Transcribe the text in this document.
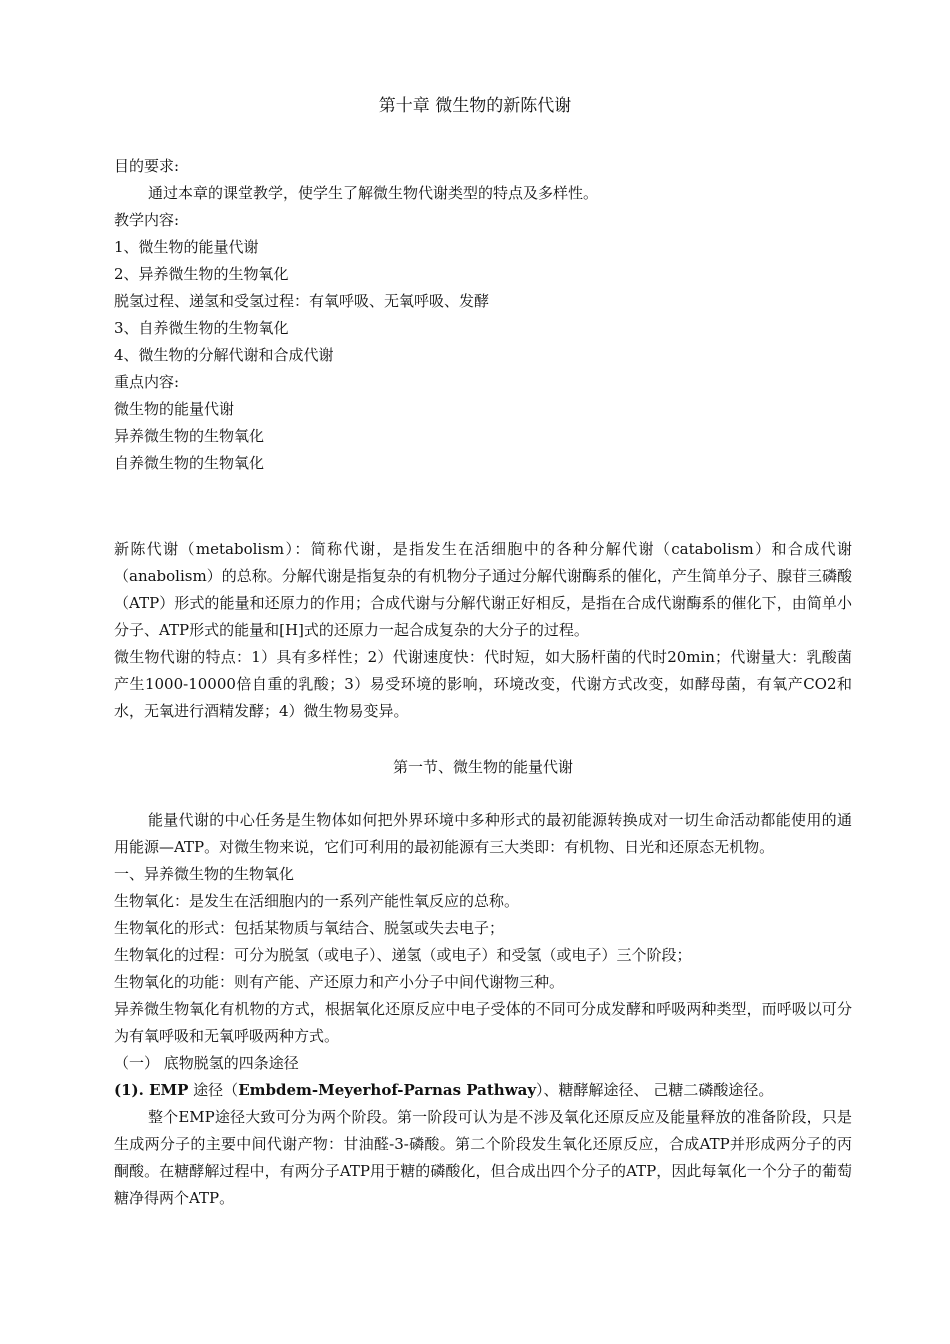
第十章 微生物的新陈代谢

目的要求:

通过本章的课堂教学，使学生了解微生物代谢类型的特点及多样性。

教学内容:

1、微生物的能量代谢

2、异养微生物的生物氧化

脱氢过程、递氢和受氢过程：有氧呼吸、无氧呼吸、发酵

3、自养微生物的生物氧化

4、微生物的分解代谢和合成代谢

重点内容:

微生物的能量代谢

异养微生物的生物氧化

自养微生物的生物氧化

新陈代谢（metabolism）：简称代谢，是指发生在活细胞中的各种分解代谢（catabolism）和合成代谢（anabolism）的总称。分解代谢是指复杂的有机物分子通过分解代谢酶系的催化，产生简单分子、腺苷三磷酸（ATP）形式的能量和还原力的作用；合成代谢与分解代谢正好相反，是指在合成代谢酶系的催化下，由简单小分子、ATP形式的能量和[H]式的还原力一起合成复杂的大分子的过程。

微生物代谢的特点：1）具有多样性；2）代谢速度快：代时短，如大肠杆菌的代时20min；代谢量大：乳酸菌产生1000-10000倍自重的乳酸；3）易受环境的影响，环境改变，代谢方式改变，如酵母菌，有氧产CO2和水，无氧进行酒精发酵；4）微生物易变异。

第一节、微生物的能量代谢

能量代谢的中心任务是生物体如何把外界环境中多种形式的最初能源转换成对一切生命活动都能使用的通用能源—ATP。对微生物来说，它们可利用的最初能源有三大类即：有机物、日光和还原态无机物。

一、异养微生物的生物氧化

生物氧化：是发生在活细胞内的一系列产能性氧反应的总称。

生物氧化的形式：包括某物质与氧结合、脱氢或失去电子；

生物氧化的过程：可分为脱氢（或电子）、递氢（或电子）和受氢（或电子）三个阶段；

生物氧化的功能：则有产能、产还原力和产小分子中间代谢物三种。

异养微生物氧化有机物的方式，根据氧化还原反应中电子受体的不同可分成发酵和呼吸两种类型，而呼吸以可分为有氧呼吸和无氧呼吸两种方式。

（一） 底物脱氢的四条途径

(1). EMP 途径（Embdem-Meyerhof-Parnas Pathway）、糖酵解途径、 己糖二磷酸途径。

整个EMP途径大致可分为两个阶段。第一阶段可认为是不涉及氧化还原反应及能量释放的准备阶段，只是生成两分子的主要中间代谢产物：甘油醛-3-磷酸。第二个阶段发生氧化还原反应，合成ATP并形成两分子的丙酮酸。在糖酵解过程中，有两分子ATP用于糖的磷酸化，但合成出四个分子的ATP，因此每氧化一个分子的葡萄糖净得两个ATP。
